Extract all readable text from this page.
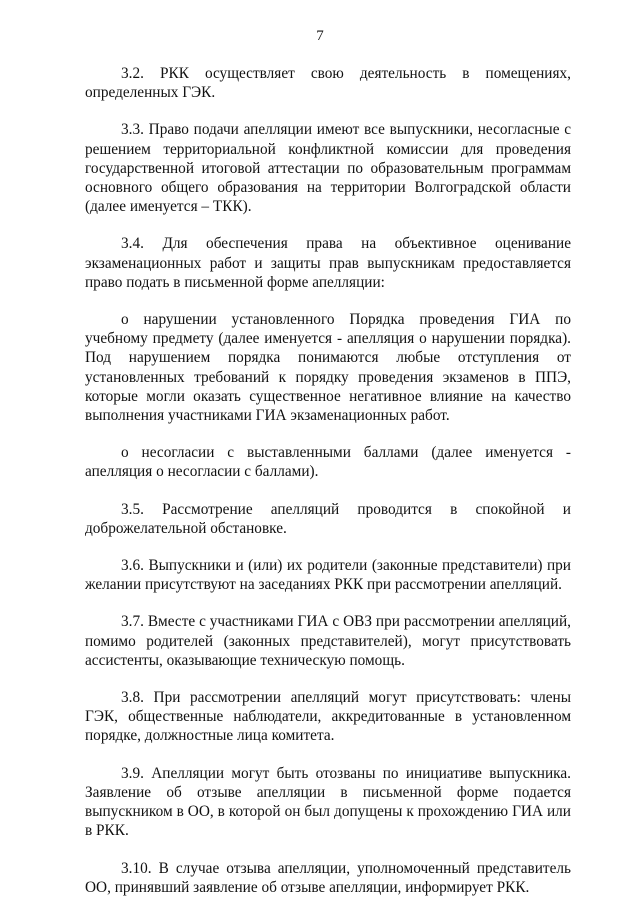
7

3.2. РКК осуществляет свою деятельность в помещениях, определенных ГЭК.

3.3. Право подачи апелляции имеют все выпускники, несогласные с решением территориальной конфликтной комиссии для проведения государственной итоговой аттестации по образовательным программам основного общего образования на территории Волгоградской области (далее именуется – ТКК).

3.4. Для обеспечения права на объективное оценивание экзаменационных работ и защиты прав выпускникам предоставляется право подать в письменной форме апелляции:

о нарушении установленного Порядка проведения ГИА по учебному предмету (далее именуется - апелляция о нарушении порядка). Под нарушением порядка понимаются любые отступления от установленных требований к порядку проведения экзаменов в ППЭ, которые могли оказать существенное негативное влияние на качество выполнения участниками ГИА экзаменационных работ.

о несогласии с выставленными баллами (далее именуется - апелляция о несогласии с баллами).

3.5. Рассмотрение апелляций проводится в спокойной и доброжелательной обстановке.

3.6. Выпускники и (или) их родители (законные представители) при желании присутствуют на заседаниях РКК при рассмотрении апелляций.

3.7. Вместе с участниками ГИА с ОВЗ при рассмотрении апелляций, помимо родителей (законных представителей), могут присутствовать ассистенты, оказывающие техническую помощь.

3.8. При рассмотрении апелляций могут присутствовать: члены ГЭК, общественные наблюдатели, аккредитованные в установленном порядке, должностные лица комитета.

3.9. Апелляции могут быть отозваны по инициативе выпускника. Заявление об отзыве апелляции в письменной форме подается выпускником в ОО, в которой он был допущены к прохождению ГИА или в РКК.

3.10. В случае отзыва апелляции, уполномоченный представитель ОО, принявший заявление об отзыве апелляции, информирует РКК.
